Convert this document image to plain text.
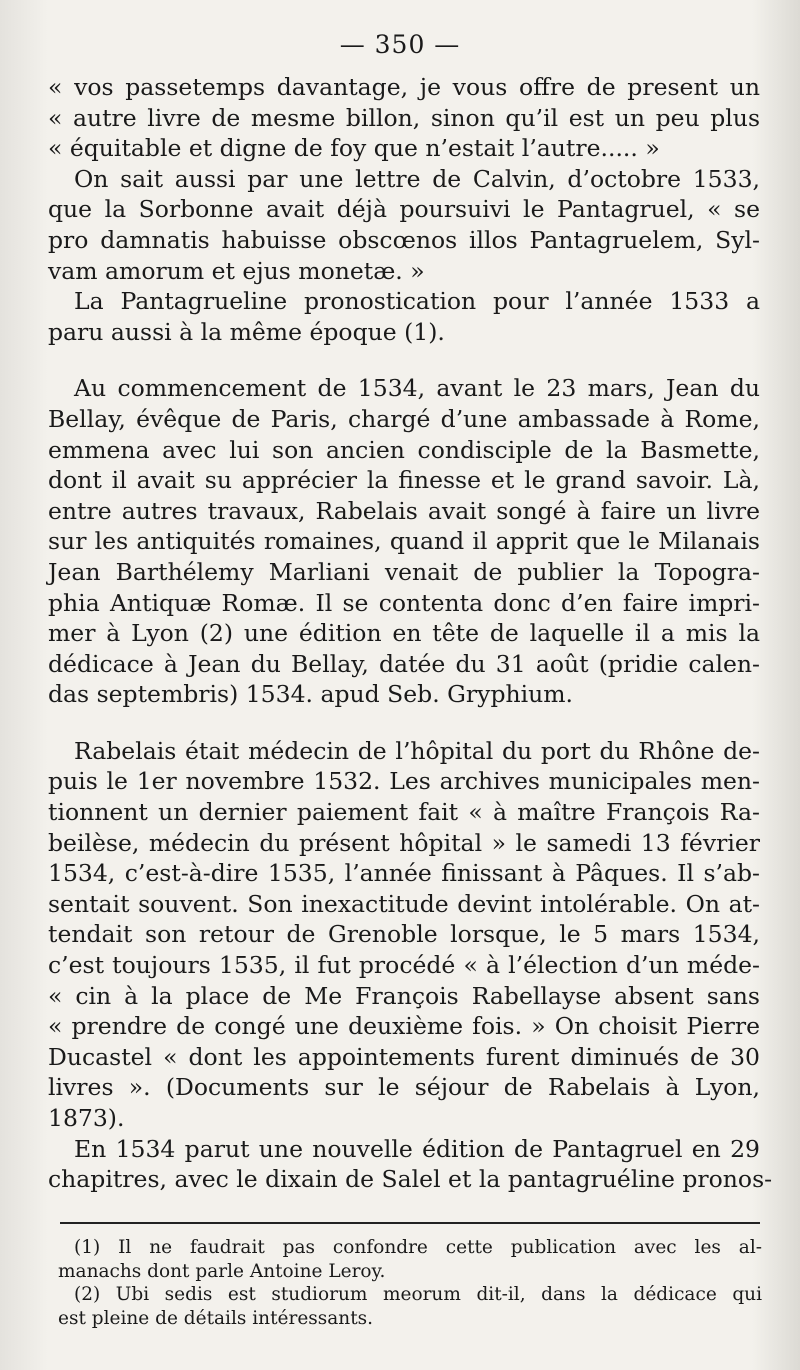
— 350 —

« vos passetemps davantage, je vous offre de present un
« autre livre de mesme billon, sinon qu’il est un peu plus
« équitable et digne de foy que n’estait l’autre..... »

On sait aussi par une lettre de Calvin, d’octobre 1533,
que la Sorbonne avait déjà poursuivi le Pantagruel, « se
pro damnatis habuisse obscœnos illos Pantagruelem, Syl-
vam amorum et ejus monetæ. »

La Pantagrueline pronostication pour l’année 1533 a
paru aussi à la même époque (1).

Au commencement de 1534, avant le 23 mars, Jean du
Bellay, évêque de Paris, chargé d’une ambassade à Rome,
emmena avec lui son ancien condisciple de la Basmette,
dont il avait su apprécier la finesse et le grand savoir. Là,
entre autres travaux, Rabelais avait songé à faire un livre
sur les antiquités romaines, quand il apprit que le Milanais
Jean Barthélemy Marliani venait de publier la Topogra-
phia Antiquæ Romæ. Il se contenta donc d’en faire impri-
mer à Lyon (2) une édition en tête de laquelle il a mis la
dédicace à Jean du Bellay, datée du 31 août (pridie calen-
das septembris) 1534. apud Seb. Gryphium.

Rabelais était médecin de l’hôpital du port du Rhône de-
puis le 1er novembre 1532. Les archives municipales men-
tionnent un dernier paiement fait « à maître François Ra-
beilèse, médecin du présent hôpital » le samedi 13 février
1534, c’est-à-dire 1535, l’année finissant à Pâques. Il s’ab-
sentait souvent. Son inexactitude devint intolérable. On at-
tendait son retour de Grenoble lorsque, le 5 mars 1534,
c’est toujours 1535, il fut procédé « à l’élection d’un méde-
« cin à la place de Me François Rabellayse absent sans
« prendre de congé une deuxième fois. » On choisit Pierre
Ducastel « dont les appointements furent diminués de 30
livres ». (Documents sur le séjour de Rabelais à Lyon,
1873).

En 1534 parut une nouvelle édition de Pantagruel en 29
chapitres, avec le dixain de Salel et la pantagruéline pronos-

(1) Il ne faudrait pas confondre cette publication avec les al-
manachs dont parle Antoine Leroy.
(2) Ubi sedis est studiorum meorum dit-il, dans la dédicace qui
est pleine de détails intéressants.
